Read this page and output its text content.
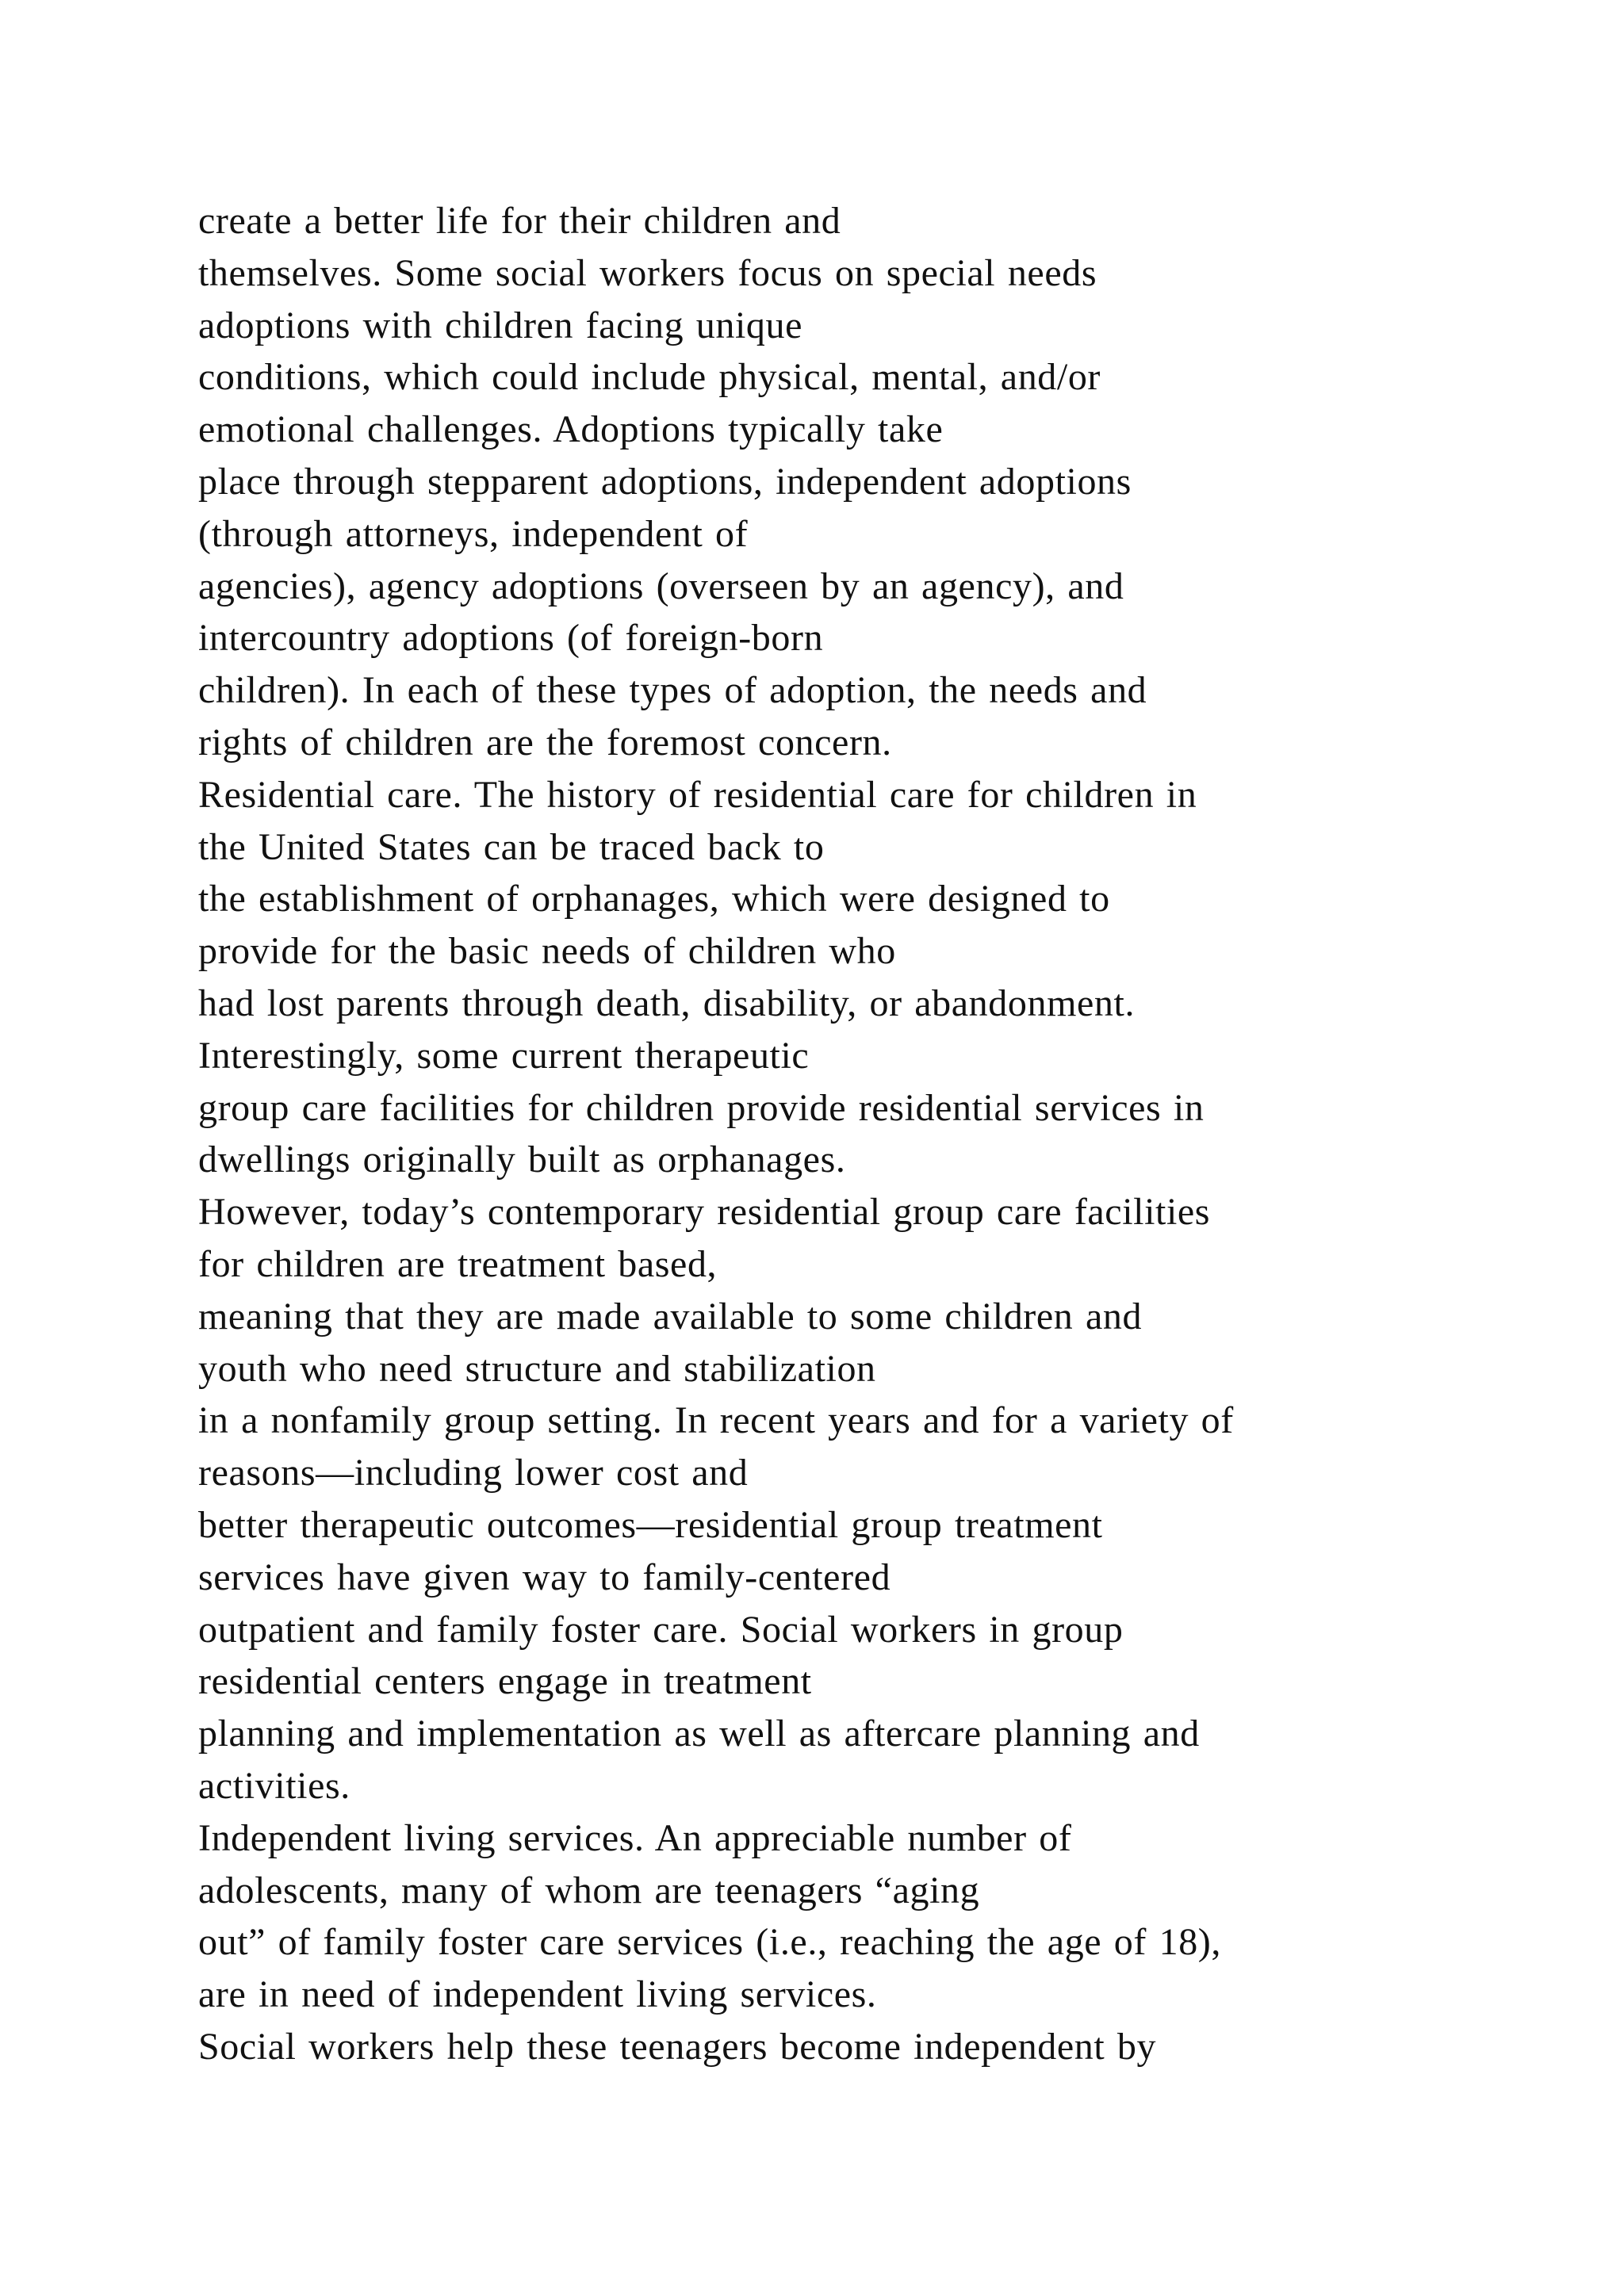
create a better life for their children and
themselves. Some social workers focus on special needs
adoptions with children facing unique
conditions, which could include physical, mental, and/or
emotional challenges. Adoptions typically take
place through stepparent adoptions, independent adoptions
(through attorneys, independent of
agencies), agency adoptions (overseen by an agency), and
intercountry adoptions (of foreign-born
children). In each of these types of adoption, the needs and
rights of children are the foremost concern.
Residential care. The history of residential care for children in
the United States can be traced back to
the establishment of orphanages, which were designed to
provide for the basic needs of children who
had lost parents through death, disability, or abandonment.
Interestingly, some current therapeutic
group care facilities for children provide residential services in
dwellings originally built as orphanages.
However, today’s contemporary residential group care facilities
for children are treatment based,
meaning that they are made available to some children and
youth who need structure and stabilization
in a nonfamily group setting. In recent years and for a variety of
reasons—including lower cost and
better therapeutic outcomes—residential group treatment
services have given way to family-centered
outpatient and family foster care. Social workers in group
residential centers engage in treatment
planning and implementation as well as aftercare planning and
activities.
Independent living services. An appreciable number of
adolescents, many of whom are teenagers “aging
out” of family foster care services (i.e., reaching the age of 18),
are in need of independent living services.
Social workers help these teenagers become independent by
